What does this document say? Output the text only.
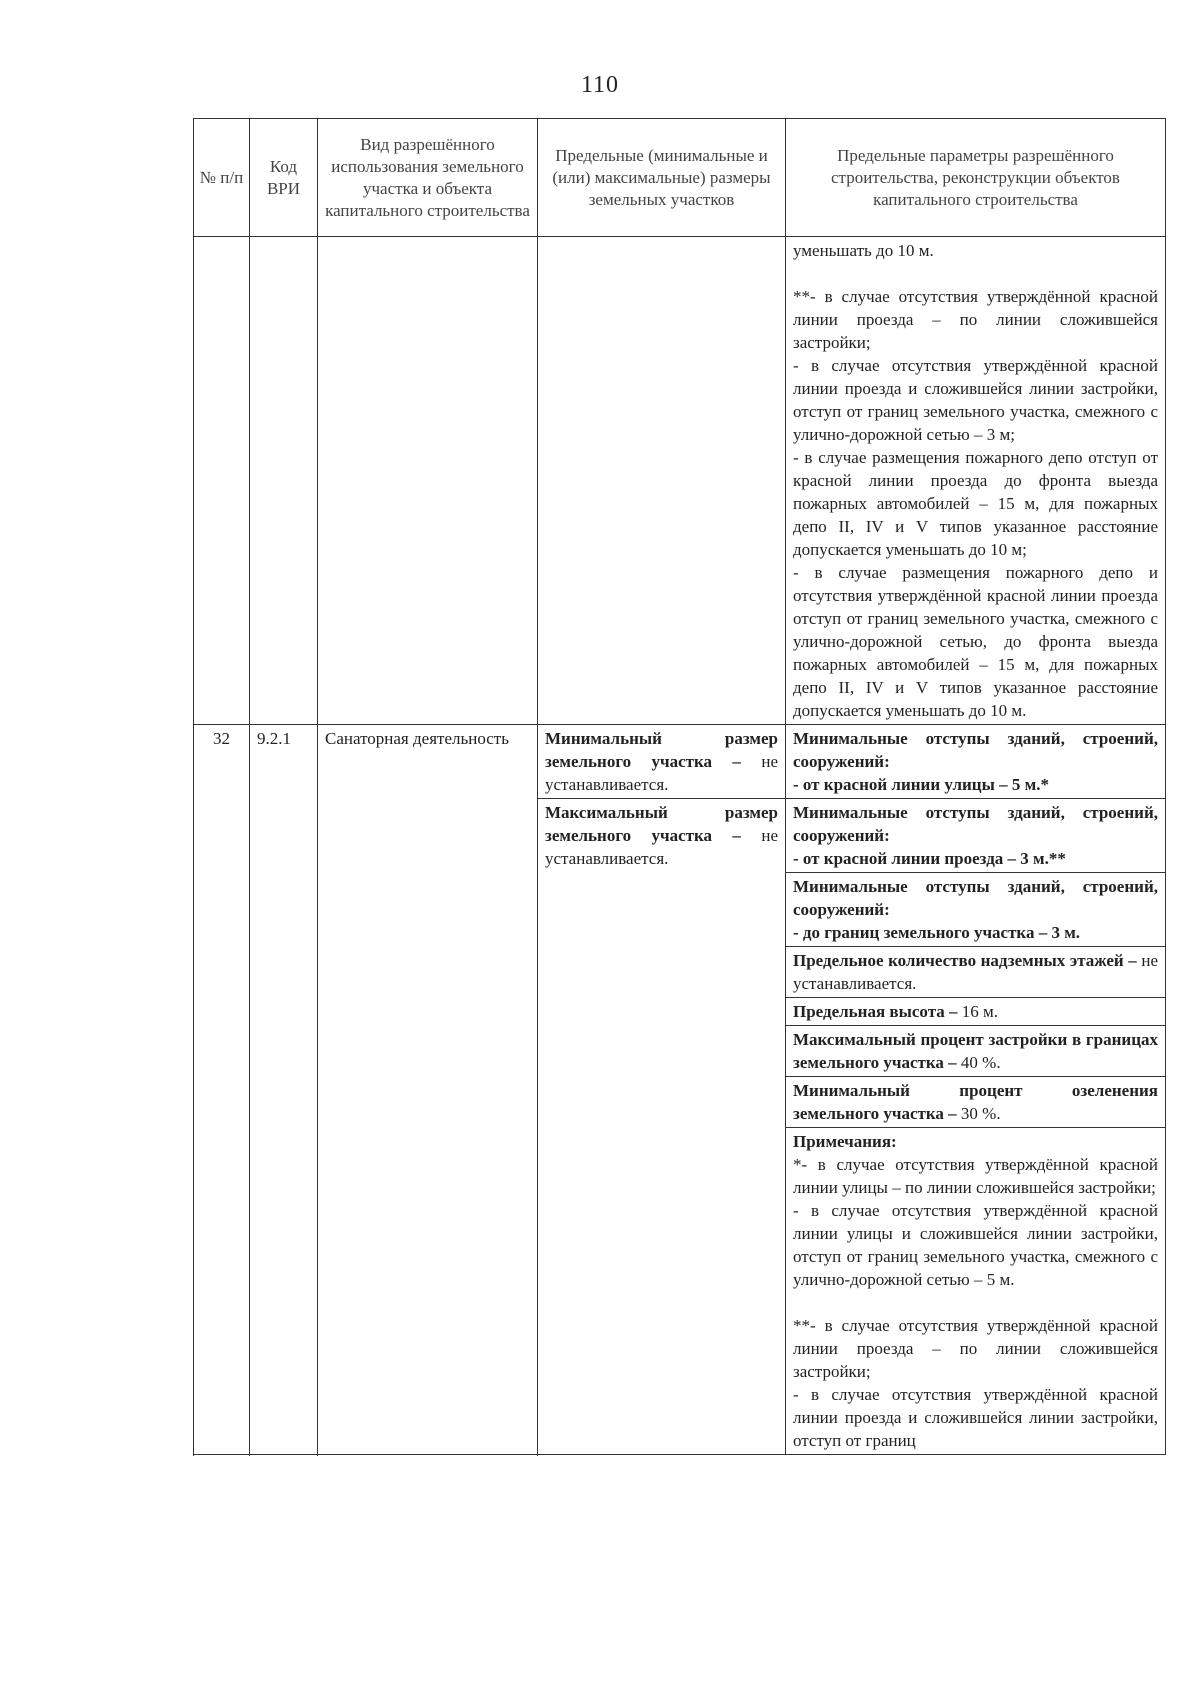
110
№ п/п	Код ВРИ	Вид разрешённого использования земельного участка и объекта капитального строительства	Предельные (минимальные и (или) максимальные) размеры земельных участков	Предельные параметры разрешённого строительства, реконструкции объектов капитального строительства

				уменьшать до 10 м.

**- в случае отсутствия утверждённой красной линии проезда – по линии сложившейся застройки;

- в случае отсутствия утверждённой красной линии проезда и сложившейся линии застройки, отступ от границ земельного участка, смежного с улично-дорожной сетью – 3 м;

- в случае размещения пожарного депо отступ от красной линии проезда до фронта выезда пожарных автомобилей – 15 м, для пожарных депо II, IV и V типов указанное расстояние допускается уменьшать до 10 м;

- в случае размещения пожарного депо и отсутствия утверждённой красной линии проезда отступ от границ земельного участка, смежного с улично-дорожной сетью, до фронта выезда пожарных автомобилей – 15 м, для пожарных депо II, IV и V типов указанное расстояние допускается уменьшать до 10 м.

32	9.2.1	Санаторная деятельность	Минимальный размер земельного участка – не устанавливается.	Минимальные отступы зданий, строений, сооружений:

- от красной линии улицы – 5 м.*

			Максимальный размер земельного участка – не устанавливается.	Минимальные отступы зданий, строений, сооружений:

- от красной линии проезда – 3 м.**

				Минимальные отступы зданий, строений, сооружений:

- до границ земельного участка – 3 м.

				Предельное количество надземных этажей – не устанавливается.
				Предельная высота – 16 м.
				Максимальный процент застройки в границах земельного участка – 40 %.
				Минимальный процент озеленения земельного участка – 30 %.

				Примечания:

*- в случае отсутствия утверждённой красной линии улицы – по линии сложившейся застройки;

- в случае отсутствия утверждённой красной линии улицы и сложившейся линии застройки, отступ от границ земельного участка, смежного с улично-дорожной сетью – 5 м.

**- в случае отсутствия утверждённой красной линии проезда – по линии сложившейся застройки;

- в случае отсутствия утверждённой красной линии проезда и сложившейся линии застройки, отступ от границ
